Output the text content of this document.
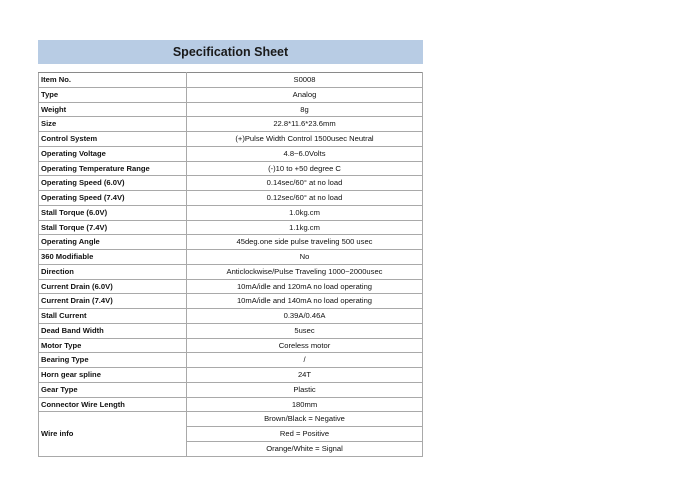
Specification Sheet
Item No.	S0008
Type	Analog
Weight	8g
Size	22.8*11.6*23.6mm
Control System	(+)Pulse Width Control 1500usec Neutral
Operating Voltage	4.8~6.0Volts
Operating Temperature Range	(-)10 to +50 degree C
Operating Speed (6.0V)	0.14sec/60° at no load
Operating Speed (7.4V)	0.12sec/60° at no load
Stall Torque (6.0V)	1.0kg.cm
Stall Torque (7.4V)	1.1kg.cm
Operating Angle	45deg.one side pulse traveling 500 usec
360 Modifiable	No
Direction	Anticlockwise/Pulse Traveling 1000~2000usec
Current Drain (6.0V)	10mA/idle and 120mA no load operating
Current Drain (7.4V)	10mA/idle and 140mA no load operating
Stall Current	0.39A/0.46A
Dead Band Width	5usec
Motor Type	Coreless motor
Bearing Type	/
Horn gear spline	24T
Gear Type	Plastic
Connector Wire Length	180mm
Wire info	Brown/Black = Negative
	Red = Positive
	Orange/White = Signal
